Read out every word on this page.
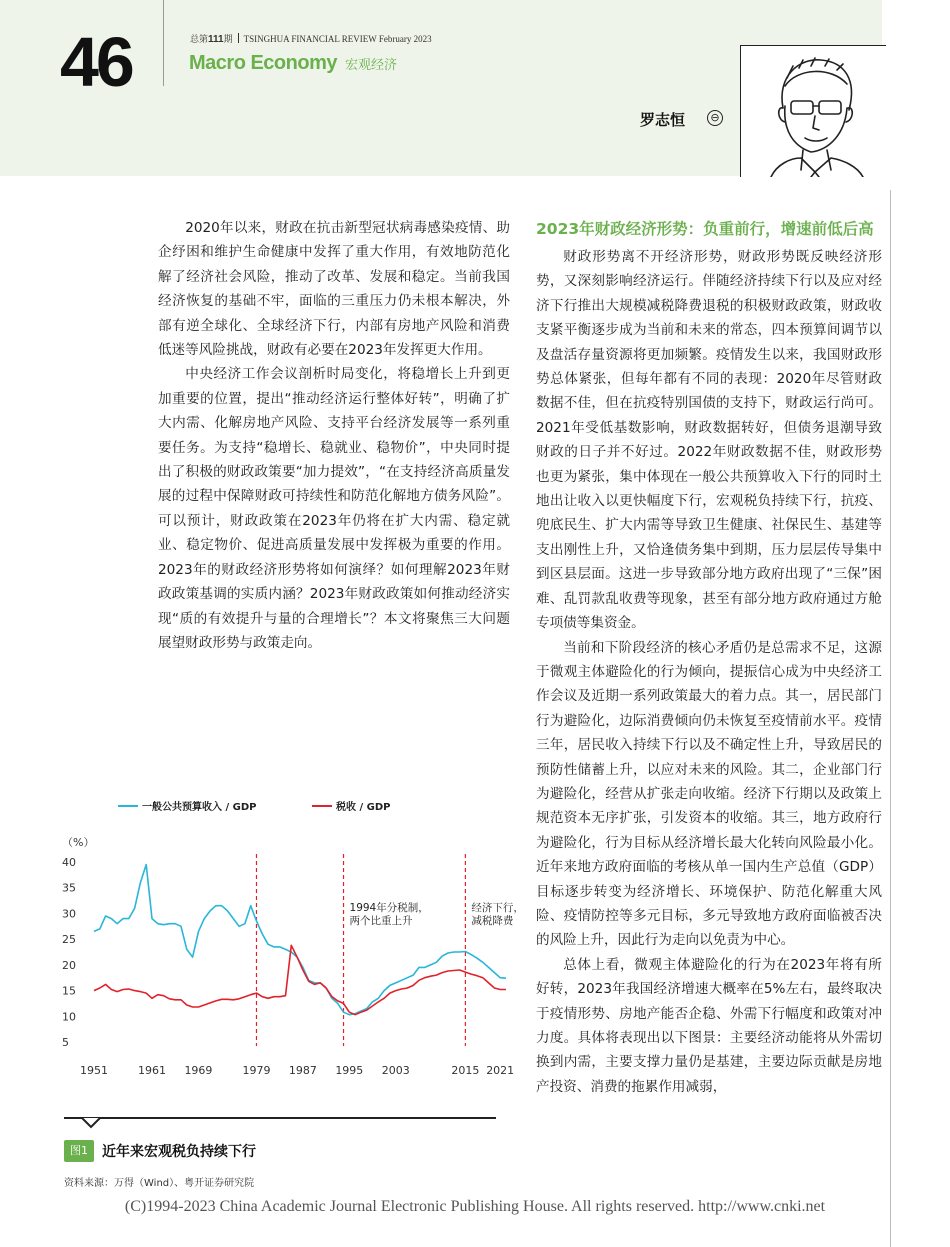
46	总第111期 TSINGHUA FINANCIAL REVIEW February 2023
Macro Economy 宏观经济
罗志恒	⊖

2020年以来，财政在抗击新型冠状病毒感染疫情、助企纾困和维护生命健康中发挥了重大作用，有效地防范化解了经济社会风险，推动了改革、发展和稳定。当前我国经济恢复的基础不牢，面临的三重压力仍未根本解决，外部有逆全球化、全球经济下行，内部有房地产风险和消费低迷等风险挑战，财政有必要在2023年发挥更大作用。

中央经济工作会议剖析时局变化，将稳增长上升到更加重要的位置，提出“推动经济运行整体好转”，明确了扩大内需、化解房地产风险、支持平台经济发展等一系列重要任务。为支持“稳增长、稳就业、稳物价”，中央同时提出了积极的财政政策要“加力提效”，“在支持经济高质量发展的过程中保障财政可持续性和防范化解地方债务风险”。可以预计，财政政策在2023年仍将在扩大内需、稳定就业、稳定物价、促进高质量发展中发挥极为重要的作用。2023年的财政经济形势将如何演绎？如何理解2023年财政政策基调的实质内涵？2023年财政政策如何推动经济实现“质的有效提升与量的合理增长”？本文将聚焦三大问题展望财政形势与政策走向。

2023年财政经济形势：负重前行，增速前低后高

财政形势离不开经济形势，财政形势既反映经济形势，又深刻影响经济运行。伴随经济持续下行以及应对经济下行推出大规模减税降费退税的积极财政政策，财政收支紧平衡逐步成为当前和未来的常态，四本预算间调节以及盘活存量资源将更加频繁。疫情发生以来，我国财政形势总体紧张，但每年都有不同的表现：2020年尽管财政数据不佳，但在抗疫特别国债的支持下，财政运行尚可。2021年受低基数影响，财政数据转好，但债务退潮导致财政的日子并不好过。2022年财政数据不佳，财政形势也更为紧张，集中体现在一般公共预算收入下行的同时土地出让收入以更快幅度下行，宏观税负持续下行，抗疫、兜底民生、扩大内需等导致卫生健康、社保民生、基建等支出刚性上升，又恰逢债务集中到期，压力层层传导集中到区县层面。这进一步导致部分地方政府出现了“三保”困难、乱罚款乱收费等现象，甚至有部分地方政府通过方舱专项债等集资金。

当前和下阶段经济的核心矛盾仍是总需求不足，这源于微观主体避险化的行为倾向，提振信心成为中央经济工作会议及近期一系列政策最大的着力点。其一，居民部门行为避险化，边际消费倾向仍未恢复至疫情前水平。疫情三年，居民收入持续下行以及不确定性上升，导致居民的预防性储蓄上升，以应对未来的风险。其二，企业部门行为避险化，经营从扩张走向收缩。经济下行期以及政策上规范资本无序扩张，引发资本的收缩。其三，地方政府行为避险化，行为目标从经济增长最大化转向风险最小化。近年来地方政府面临的考核从单一国内生产总值（GDP）目标逐步转变为经济增长、环境保护、防范化解重大风险、疫情防控等多元目标，多元导致地方政府面临被否决的风险上升，因此行为走向以免责为中心。

总体上看，微观主体避险化的行为在2023年将有所好转，2023年我国经济增速大概率在5%左右，最终取决于疫情形势、房地产能否企稳、外需下行幅度和政策对冲力度。具体将表现出以下图景：主要经济动能将从外需切换到内需，主要支撑力量仍是基建，主要边际贡献是房地产投资、消费的拖累作用减弱，

一般公共预算收入 / GDP	税收 / GDP
（%）
5
10
15
20
25
30
35
40
1951	1961 1969	1979 1987 1995 2003	2015 2021
1994年分税制，
两个比重上升
经济下行，
减税降费
图1	近年来宏观税负持续下行
资料来源：万得（Wind）、粤开证券研究院
(C)1994-2023 China Academic Journal Electronic Publishing House. All rights reserved. http://www.cnki.net
